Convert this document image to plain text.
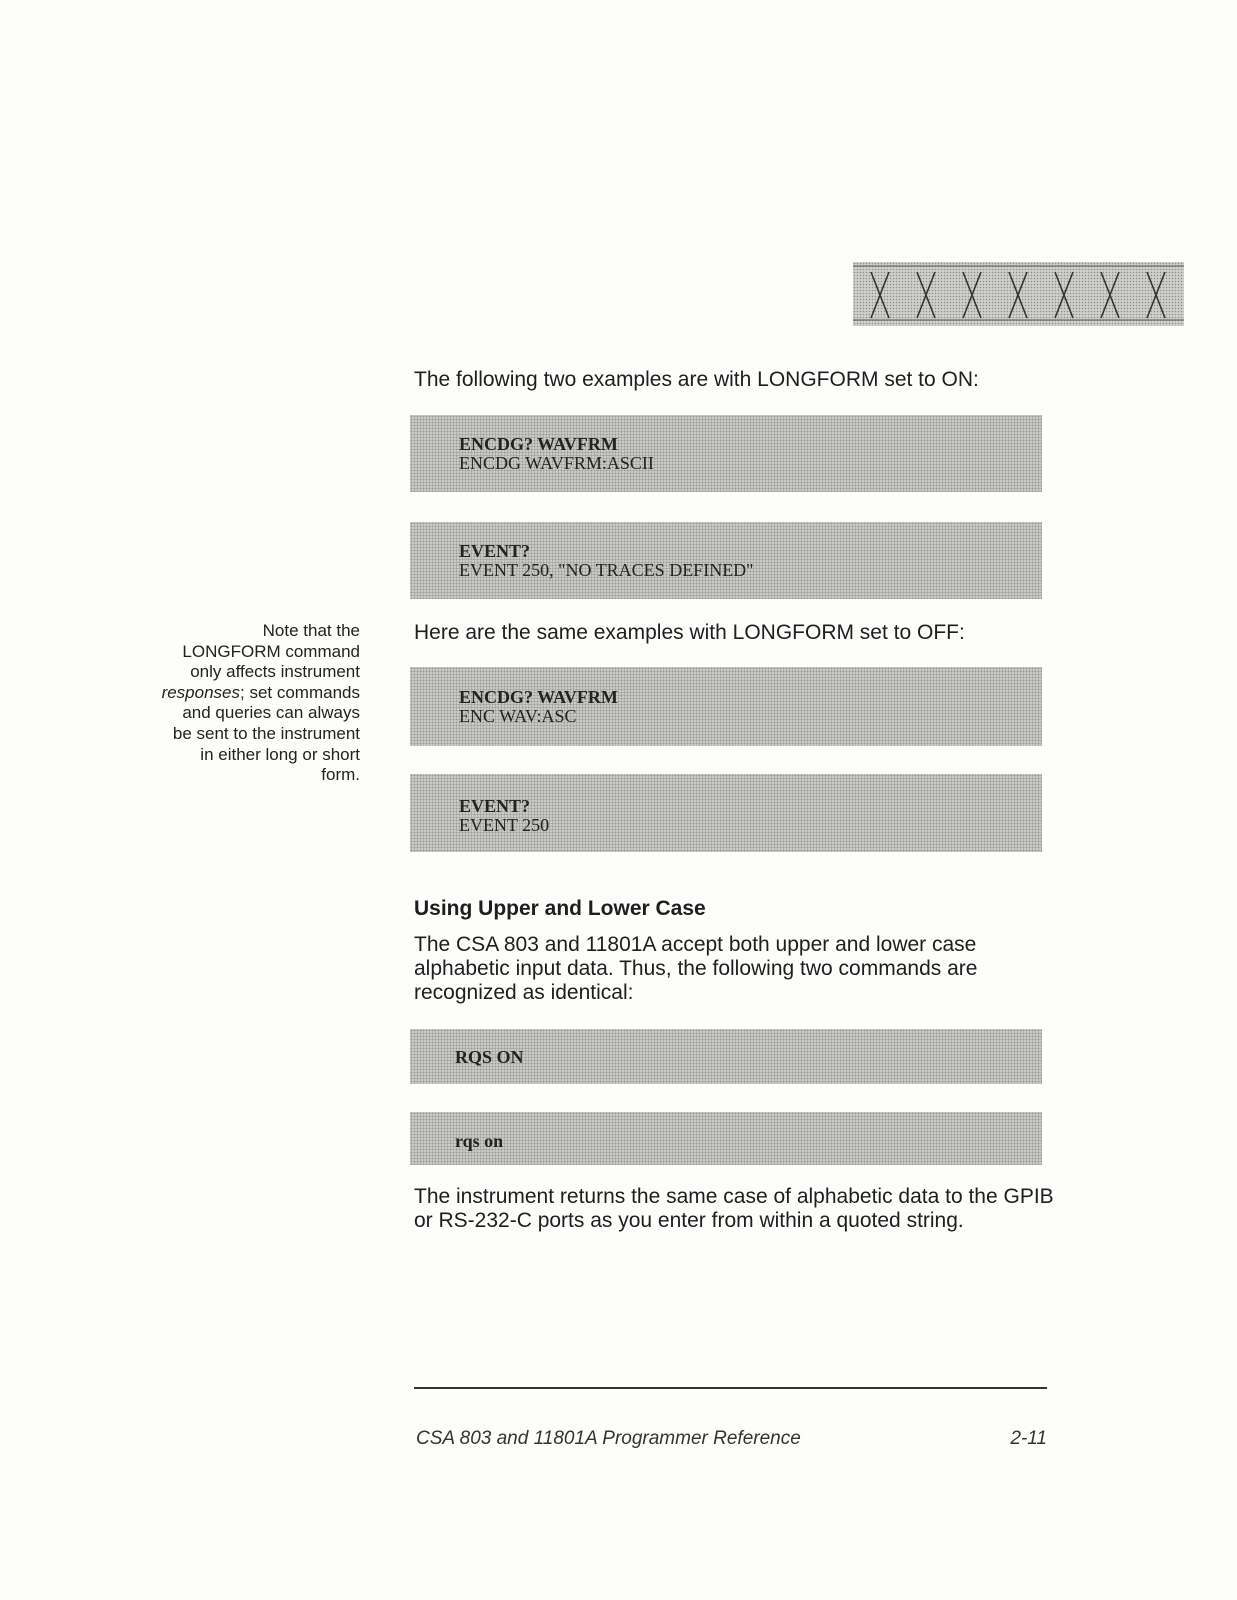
The following two examples are with LONGFORM set to ON:

ENCDG? WAVFRM
ENCDG WAVFRM:ASCII
EVENT?
EVENT 250, "NO TRACES DEFINED"

Here are the same examples with LONGFORM set to OFF:

Note that the LONGFORM command only affects instrument responses; set commands and queries can always be sent to the instrument in either long or short form.

ENCDG? WAVFRM
ENC WAV:ASC
EVENT?
EVENT 250
Using Upper and Lower Case

The CSA 803 and 11801A accept both upper and lower case alphabetic input data. Thus, the following two commands are recognized as identical:

RQS ON
rqs on

The instrument returns the same case of alphabetic data to the GPIB or RS-232-C ports as you enter from within a quoted string.

CSA 803 and 11801A Programmer Reference	2-11
